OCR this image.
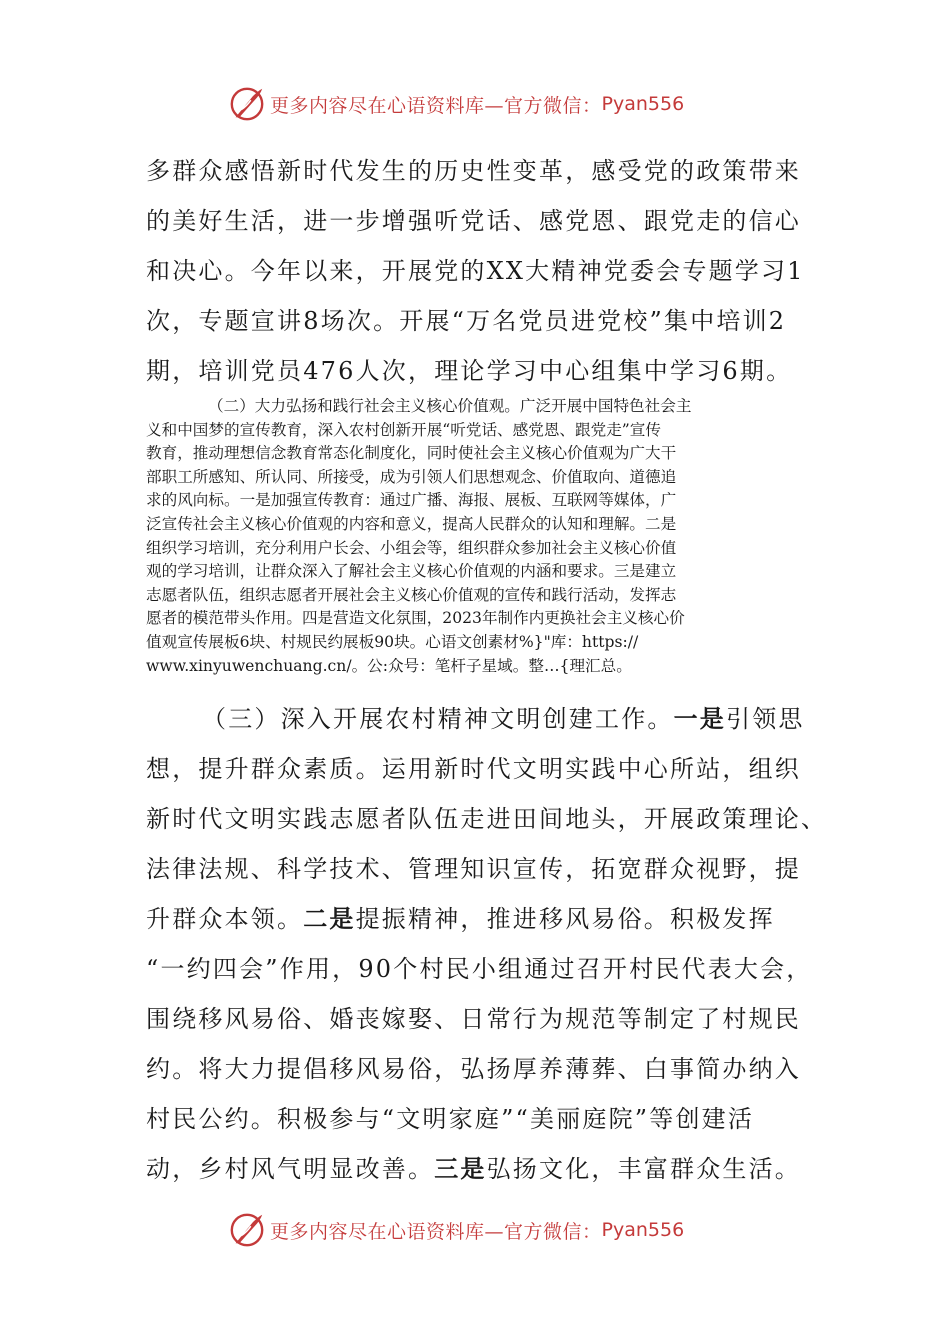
更多内容尽在心语资料库—官方微信： Pyan556
多群众感悟新时代发生的历史性变革，感受党的政策带来
的美好生活，进一步增强听党话、感党恩、跟党走的信心
和决心。今年以来，开展党的XX大精神党委会专题学习1
次，专题宣讲8场次。开展“万名党员进党校”集中培训2
期，培训党员476人次，理论学习中心组集中学习6期。
（二）大力弘扬和践行社会主义核心价值观。广泛开展中国特色社会主
义和中国梦的宣传教育，深入农村创新开展“听党话、感党恩、跟党走”宣传
教育，推动理想信念教育常态化制度化，同时使社会主义核心价值观为广大干
部职工所感知、所认同、所接受，成为引领人们思想观念、价值取向、道德追
求的风向标。一是加强宣传教育：通过广播、海报、展板、互联网等媒体，广
泛宣传社会主义核心价值观的内容和意义，提高人民群众的认知和理解。二是
组织学习培训，充分利用户长会、小组会等，组织群众参加社会主义核心价值
观的学习培训，让群众深入了解社会主义核心价值观的内涵和要求。三是建立
志愿者队伍，组织志愿者开展社会主义核心价值观的宣传和践行活动，发挥志
愿者的模范带头作用。四是营造文化氛围，2023年制作内更换社会主义核心价
值观宣传展板6块、村规民约展板90块。心语文创素材%}"库：https://
www.xinyuwenchuang.cn/。公:众号：笔杆子星域。整…{理汇总。
（三）深入开展农村精神文明创建工作。一是引领思
想，提升群众素质。运用新时代文明实践中心所站，组织
新时代文明实践志愿者队伍走进田间地头，开展政策理论、
法律法规、科学技术、管理知识宣传，拓宽群众视野，提
升群众本领。二是提振精神，推进移风易俗。积极发挥
“一约四会”作用，90个村民小组通过召开村民代表大会，
围绕移风易俗、婚丧嫁娶、日常行为规范等制定了村规民
约。将大力提倡移风易俗，弘扬厚养薄葬、白事简办纳入
村民公约。积极参与“文明家庭”“美丽庭院”等创建活
动，乡村风气明显改善。三是弘扬文化，丰富群众生活。
更多内容尽在心语资料库—官方微信： Pyan556
